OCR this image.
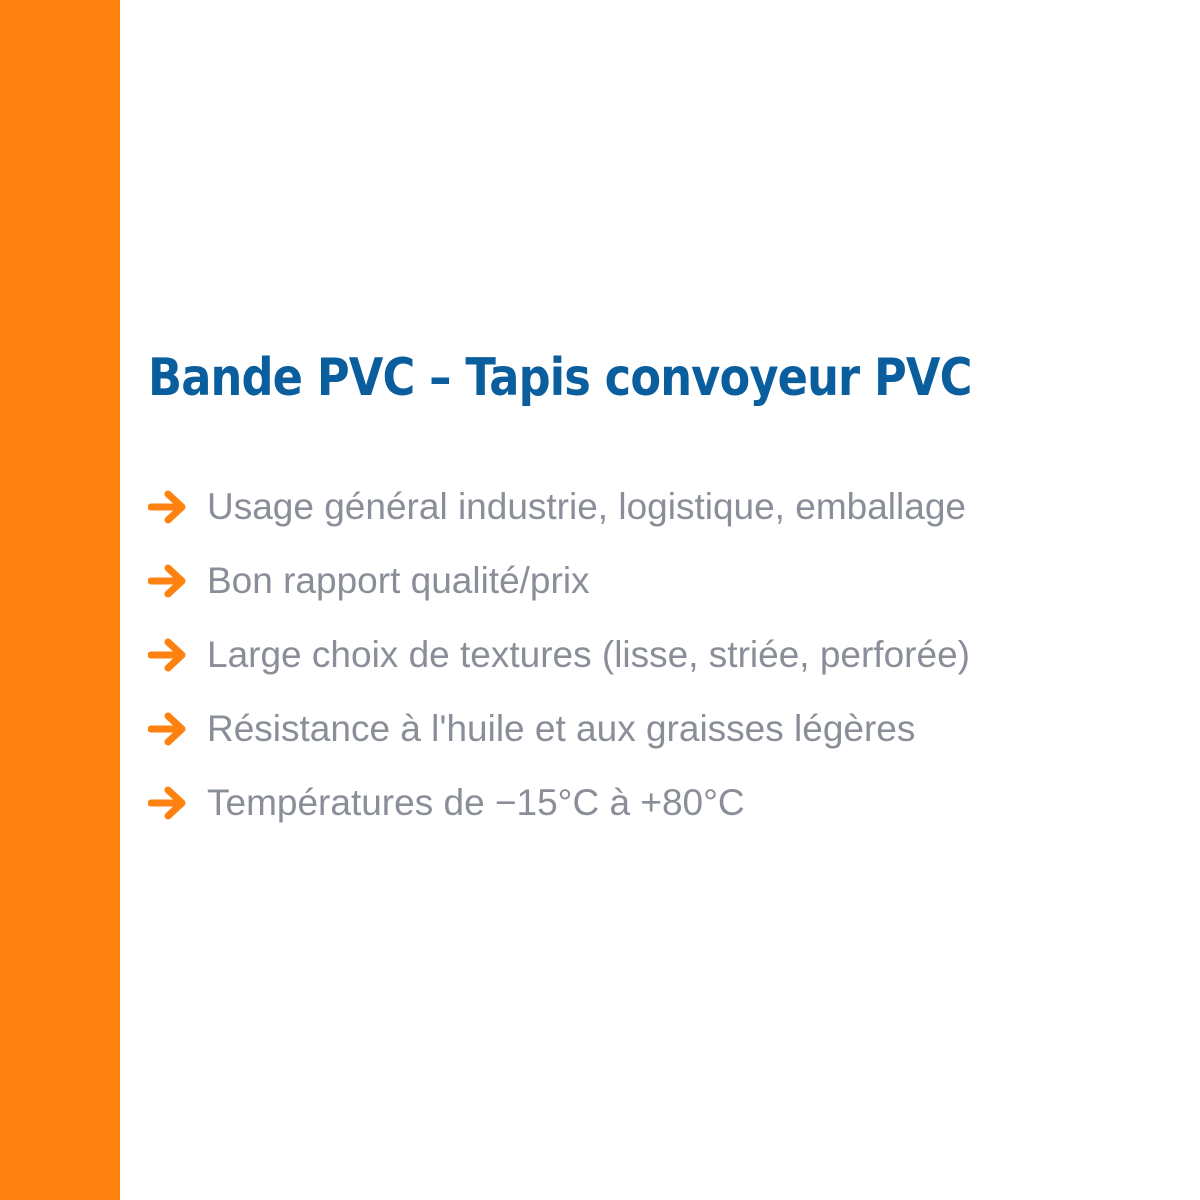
Bande PVC – Tapis convoyeur PVC
Usage général industrie, logistique, emballage
Bon rapport qualité/prix
Large choix de textures (lisse, striée, perforée)
Résistance à l'huile et aux graisses légères
Températures de −15°C à +80°C
